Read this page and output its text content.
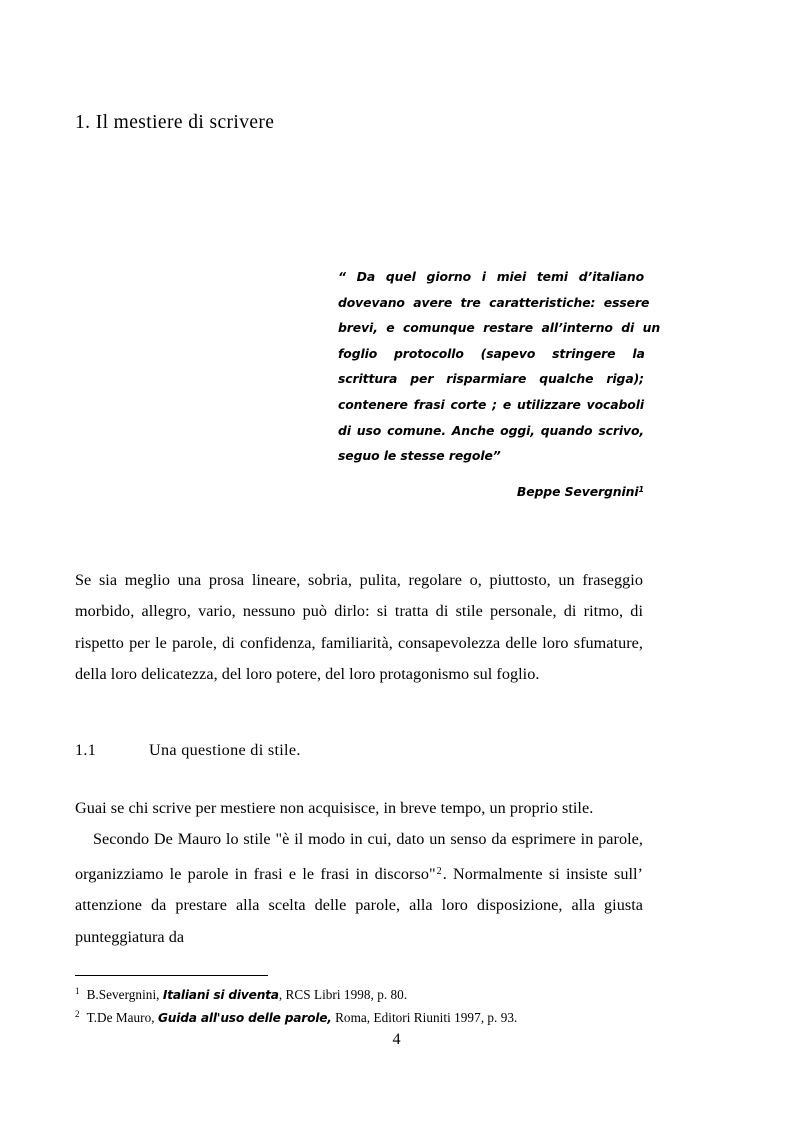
1. Il mestiere di scrivere
“  Da  quel  giorno  i  miei  temi  d’italiano
dovevano  avere  tre  caratteristiche:  essere
brevi,  e  comunque  restare  all’interno  di  un
foglio    protocollo    (sapevo    stringere    la
scrittura   per   risparmiare   qualche   riga);
contenere frasi corte ; e utilizzare vocaboli
di uso comune. Anche oggi, quando scrivo,
seguo le stesse regole”
Beppe Severgnini$^1$

Se sia meglio una prosa lineare, sobria, pulita, regolare o, piuttosto, un fraseggio morbido, allegro, vario, nessuno può dirlo: si tratta di stile personale, di ritmo, di rispetto per le parole, di confidenza, familiarità, consapevolezza delle loro sfumature, della loro delicatezza, del loro potere, del loro protagonismo sul foglio.

1.1	Una questione di stile.

Guai se chi scrive per mestiere non acquisisce, in breve tempo, un proprio stile.

Secondo De Mauro lo stile "è il modo in cui, dato un senso da esprimere in parole, organizziamo le parole in frasi e le frasi in discorso"$^2$. Normalmente si insiste sull’ attenzione da prestare alla scelta delle parole, alla loro disposizione, alla giusta punteggiatura da

$^1$ B.Severgnini, Italiani si diventa, RCS Libri 1998, p. 80.

$^2$ T.De Mauro, Guida all'uso delle parole, Roma, Editori Riuniti 1997, p. 93.

4
